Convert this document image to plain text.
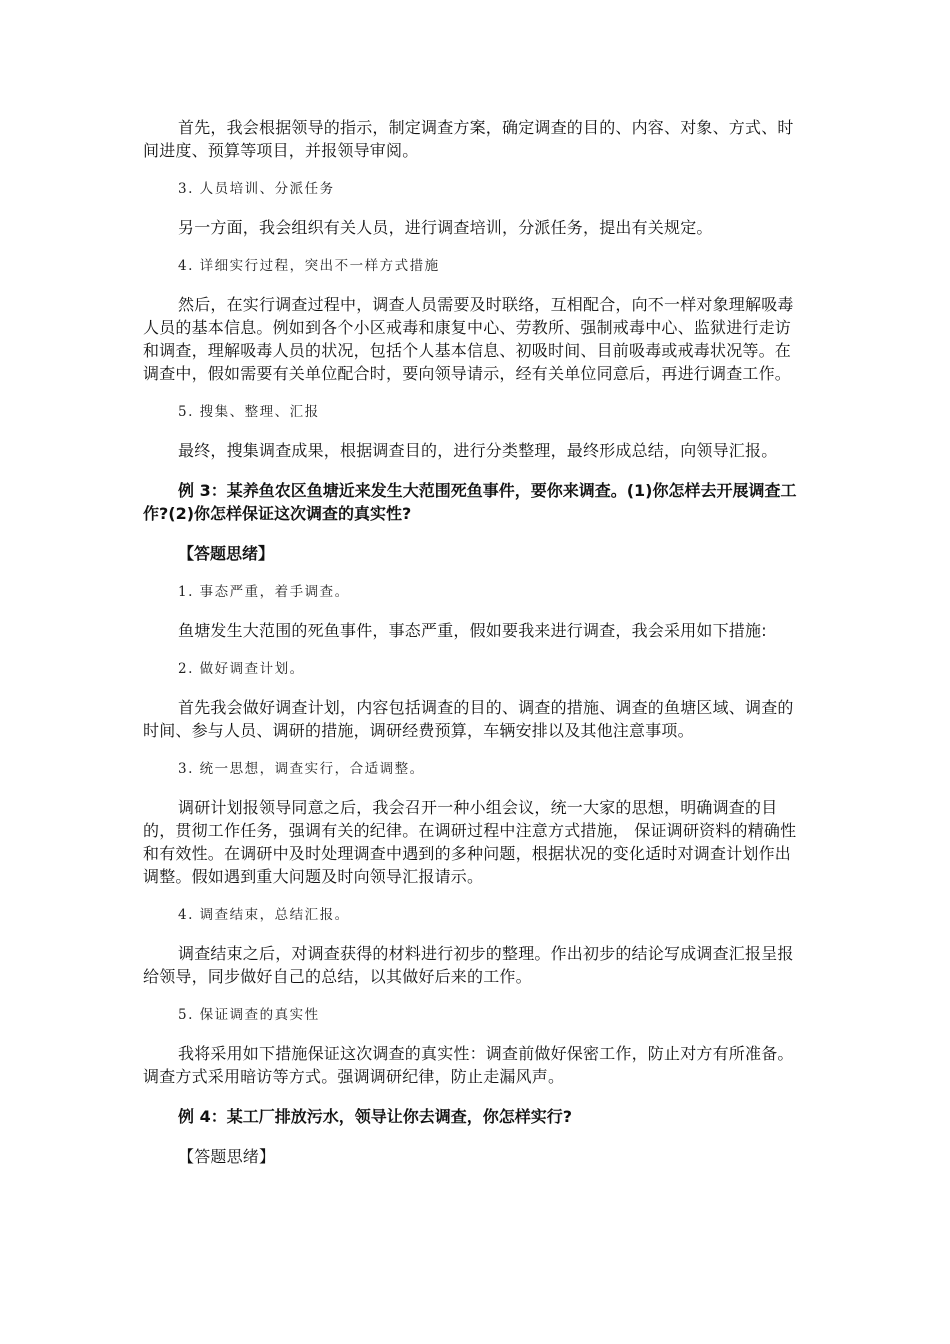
首先，我会根据领导的指示，制定调查方案，确定调查的目的、内容、对象、方式、时间进度、预算等项目，并报领导审阅。

3. 人员培训、分派任务

另一方面，我会组织有关人员，进行调查培训，分派任务，提出有关规定。

4. 详细实行过程，突出不一样方式措施

然后，在实行调查过程中，调查人员需要及时联络，互相配合，向不一样对象理解吸毒人员的基本信息。例如到各个小区戒毒和康复中心、劳教所、强制戒毒中心、监狱进行走访和调查，理解吸毒人员的状况，包括个人基本信息、初吸时间、目前吸毒或戒毒状况等。在调查中，假如需要有关单位配合时，要向领导请示，经有关单位同意后，再进行调查工作。

5. 搜集、整理、汇报

最终，搜集调查成果，根据调查目的，进行分类整理，最终形成总结，向领导汇报。

例 3：某养鱼农区鱼塘近来发生大范围死鱼事件，要你来调查。(1)你怎样去开展调查工作?(2)你怎样保证这次调查的真实性?

【答题思绪】

1. 事态严重，着手调查。

鱼塘发生大范围的死鱼事件，事态严重，假如要我来进行调查，我会采用如下措施:

2. 做好调查计划。

首先我会做好调查计划，内容包括调查的目的、调查的措施、调查的鱼塘区域、调查的时间、参与人员、调研的措施，调研经费预算，车辆安排以及其他注意事项。

3. 统一思想，调查实行，合适调整。

调研计划报领导同意之后，我会召开一种小组会议，统一大家的思想，明确调查的目的，贯彻工作任务，强调有关的纪律。在调研过程中注意方式措施， 保证调研资料的精确性和有效性。在调研中及时处理调查中遇到的多种问题，根据状况的变化适时对调查计划作出调整。假如遇到重大问题及时向领导汇报请示。

4. 调查结束，总结汇报。

调查结束之后，对调查获得的材料进行初步的整理。作出初步的结论写成调查汇报呈报给领导，同步做好自己的总结，以其做好后来的工作。

5. 保证调查的真实性

我将采用如下措施保证这次调查的真实性：调查前做好保密工作，防止对方有所准备。调查方式采用暗访等方式。强调调研纪律，防止走漏风声。

例 4：某工厂排放污水，领导让你去调查，你怎样实行?

【答题思绪】
